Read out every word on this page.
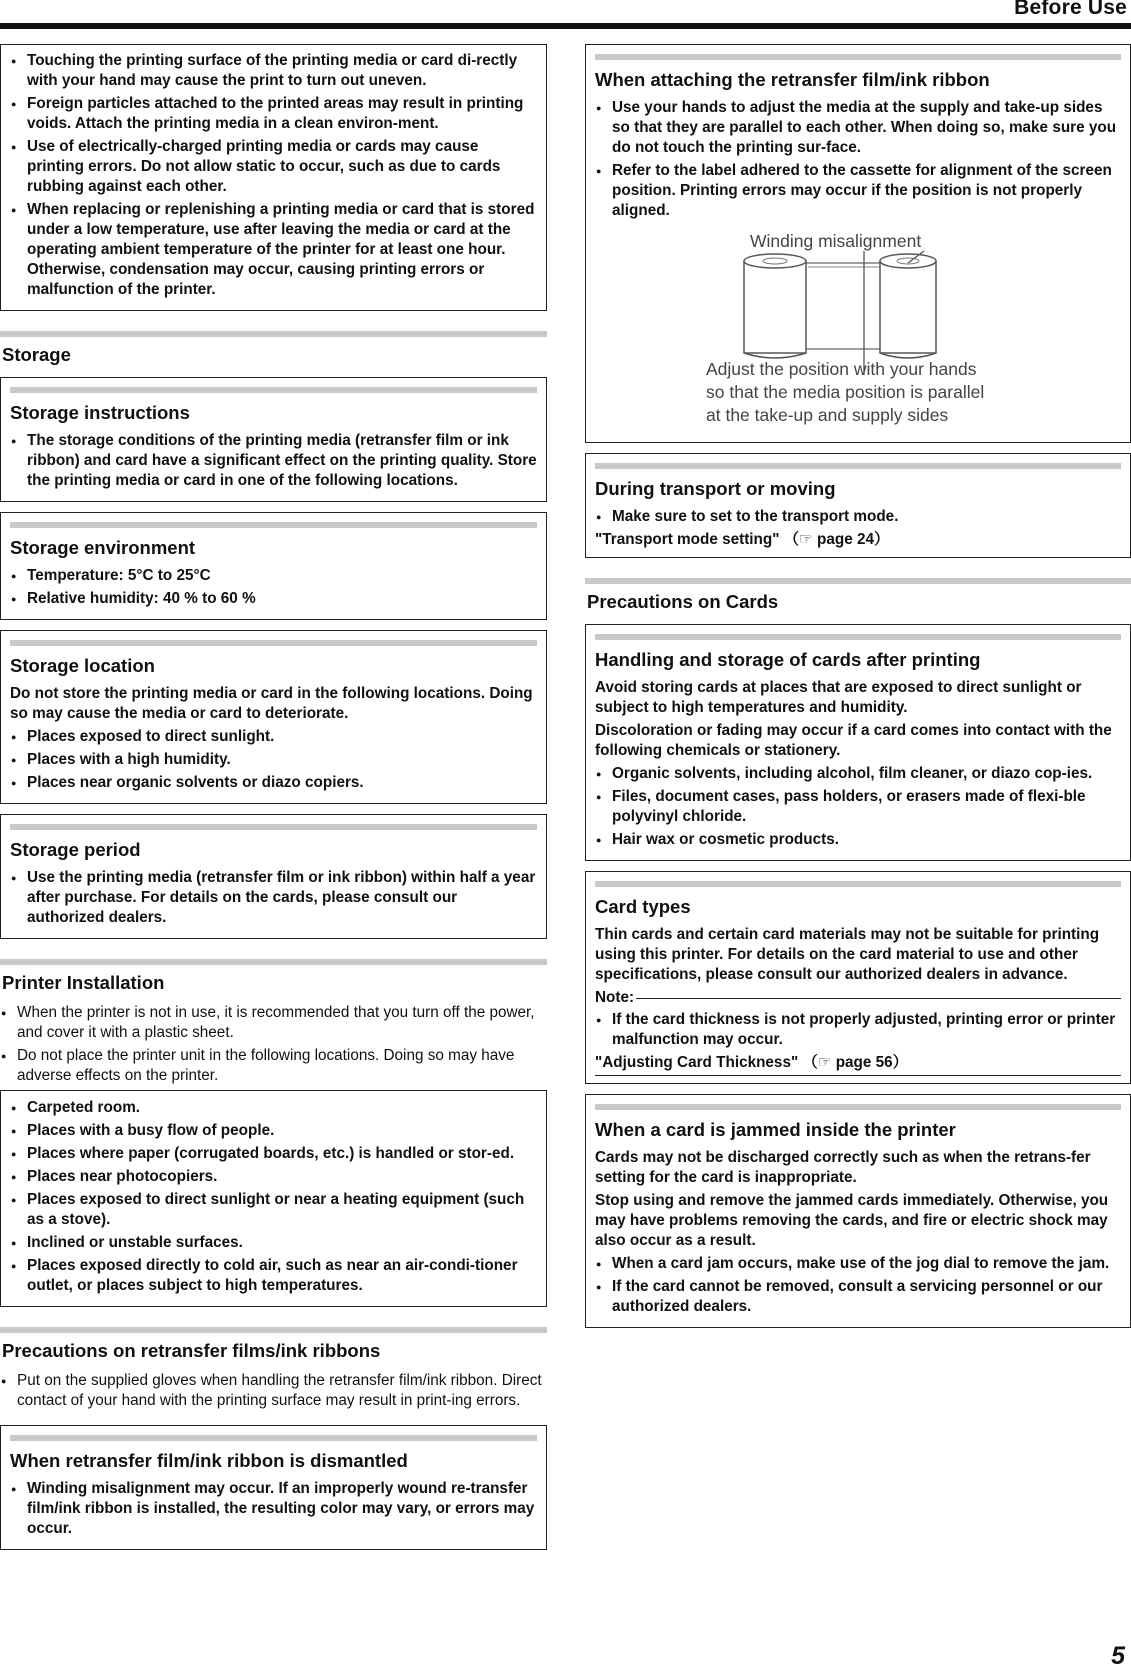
Before Use
● Touching the printing surface of the printing media or card di-rectly with your hand may cause the print to turn out uneven.
● Foreign particles attached to the printed areas may result in printing voids. Attach the printing media in a clean environ-ment.
● Use of electrically-charged printing media or cards may cause printing errors. Do not allow static to occur, such as due to cards rubbing against each other.
● When replacing or replenishing a printing media or card that is stored under a low temperature, use after leaving the media or card at the operating ambient temperature of the printer for at least one hour. Otherwise, condensation may occur, causing printing errors or malfunction of the printer.
Storage
Storage instructions
● The storage conditions of the printing media (retransfer film or ink ribbon) and card have a significant effect on the printing quality. Store the printing media or card in one of the following locations.
Storage environment
● Temperature: 5°C to 25°C
● Relative humidity: 40 % to 60 %
Storage location
Do not store the printing media or card in the following locations. Doing so may cause the media or card to deteriorate.
● Places exposed to direct sunlight.
● Places with a high humidity.
● Places near organic solvents or diazo copiers.
Storage period
● Use the printing media (retransfer film or ink ribbon) within half a year after purchase. For details on the cards, please consult our authorized dealers.
Printer Installation
● When the printer is not in use, it is recommended that you turn off the power, and cover it with a plastic sheet.
● Do not place the printer unit in the following locations. Doing so may have adverse effects on the printer.
● Carpeted room.
● Places with a busy flow of people.
● Places where paper (corrugated boards, etc.) is handled or stor-ed.
● Places near photocopiers.
● Places exposed to direct sunlight or near a heating equipment (such as a stove).
● Inclined or unstable surfaces.
● Places exposed directly to cold air, such as near an air-condi-tioner outlet, or places subject to high temperatures.
Precautions on retransfer films/ink ribbons
● Put on the supplied gloves when handling the retransfer film/ink ribbon. Direct contact of your hand with the printing surface may result in print-ing errors.
When retransfer film/ink ribbon is dismantled
● Winding misalignment may occur. If an improperly wound re-transfer film/ink ribbon is installed, the resulting color may vary, or errors may occur.
When attaching the retransfer film/ink ribbon
● Use your hands to adjust the media at the supply and take-up sides so that they are parallel to each other. When doing so, make sure you do not touch the printing sur-face.
● Refer to the label adhered to the cassette for alignment of the screen position. Printing errors may occur if the position is not properly aligned.
Winding misalignment
Adjust the position with your hands
so that the media position is parallel
at the take-up and supply sides
During transport or moving
● Make sure to set to the transport mode.
"Transport mode setting" （☞ page 24）
Precautions on Cards
Handling and storage of cards after printing
Avoid storing cards at places that are exposed to direct sunlight or subject to high temperatures and humidity.
Discoloration or fading may occur if a card comes into contact with the following chemicals or stationery.
● Organic solvents, including alcohol, film cleaner, or diazo cop-ies.
● Files, document cases, pass holders, or erasers made of flexi-ble polyvinyl chloride.
● Hair wax or cosmetic products.
Card types
Thin cards and certain card materials may not be suitable for printing using this printer. For details on the card material to use and other specifications, please consult our authorized dealers in advance.
Note:
● If the card thickness is not properly adjusted, printing error or printer malfunction may occur.
"Adjusting Card Thickness" （☞ page 56）
When a card is jammed inside the printer
Cards may not be discharged correctly such as when the retrans-fer setting for the card is inappropriate.
Stop using and remove the jammed cards immediately. Otherwise, you may have problems removing the cards, and fire or electric shock may also occur as a result.
● When a card jam occurs, make use of the jog dial to remove the jam.
● If the card cannot be removed, consult a servicing personnel or our authorized dealers.
5
